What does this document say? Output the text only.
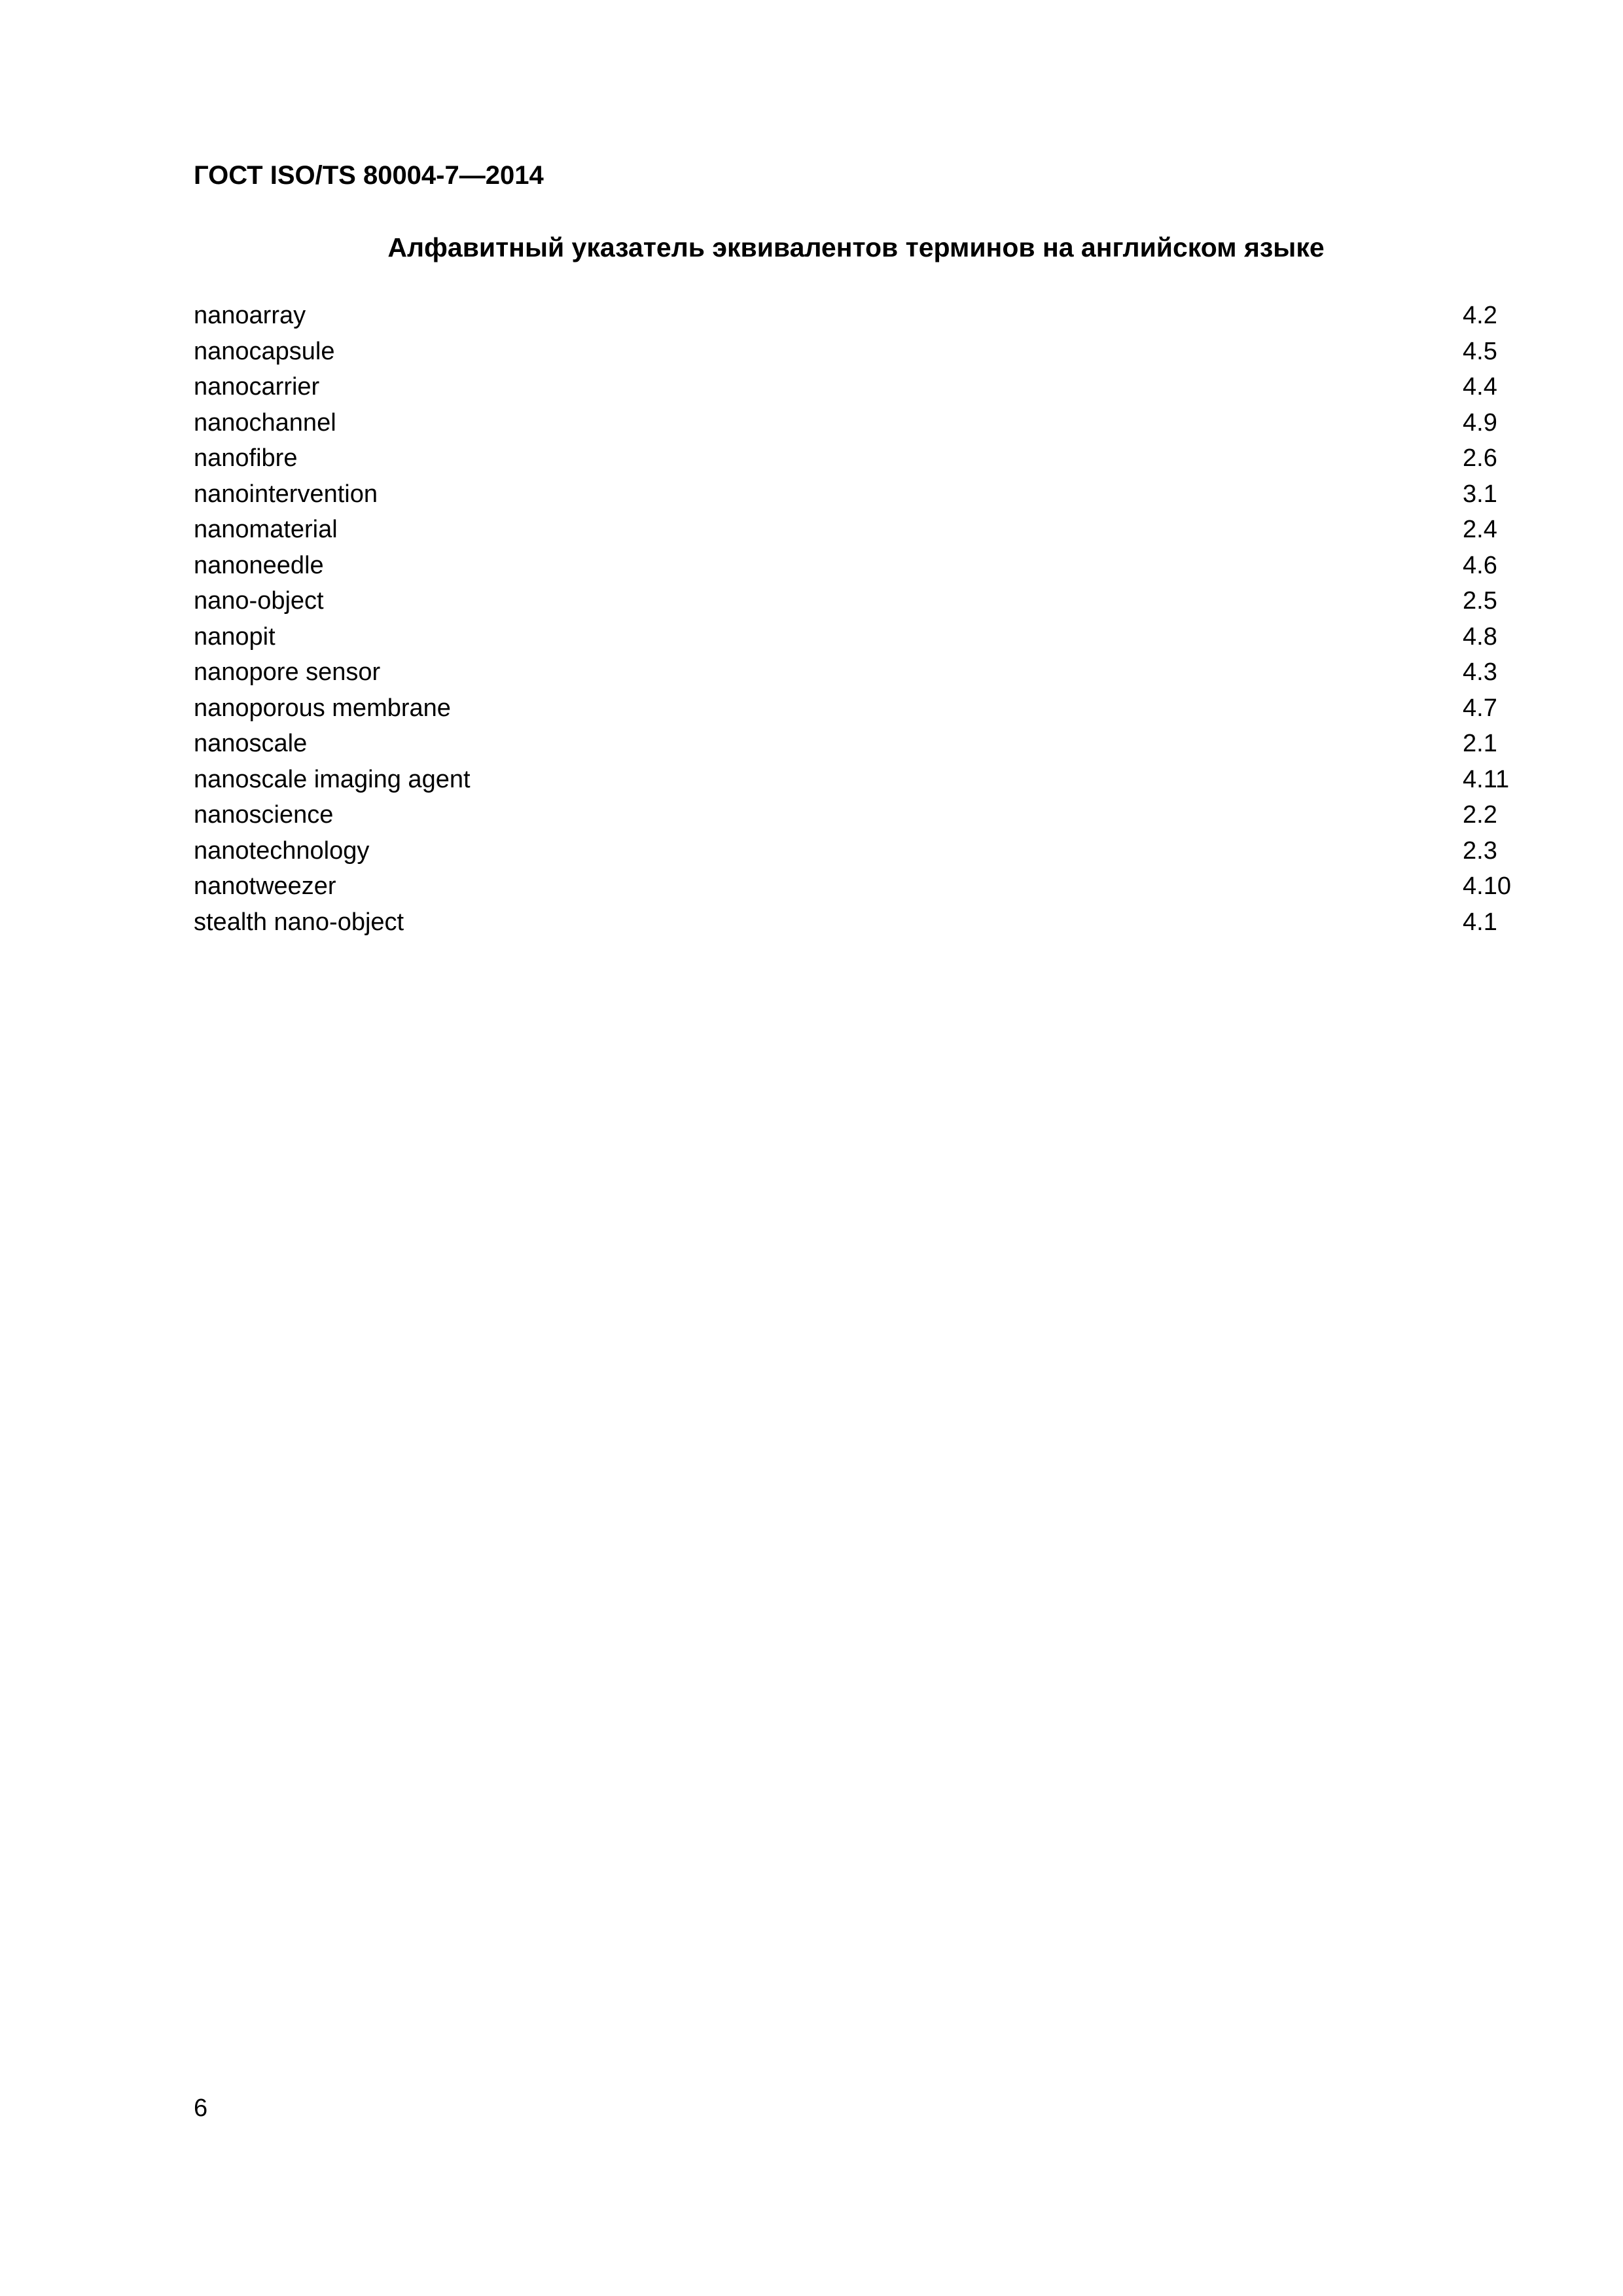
ГОСТ ISO/TS 80004-7—2014
Алфавитный указатель эквивалентов терминов на английском языке
nanoarray	4.2
nanocapsule	4.5
nanocarrier	4.4
nanochannel	4.9
nanofibre	2.6
nanointervention	3.1
nanomaterial	2.4
nanoneedle	4.6
nano-object	2.5
nanopit	4.8
nanopore sensor	4.3
nanoporous membrane	4.7
nanoscale	2.1
nanoscale imaging agent	4.11
nanoscience	2.2
nanotechnology	2.3
nanotweezer	4.10
stealth nano-object	4.1
6
